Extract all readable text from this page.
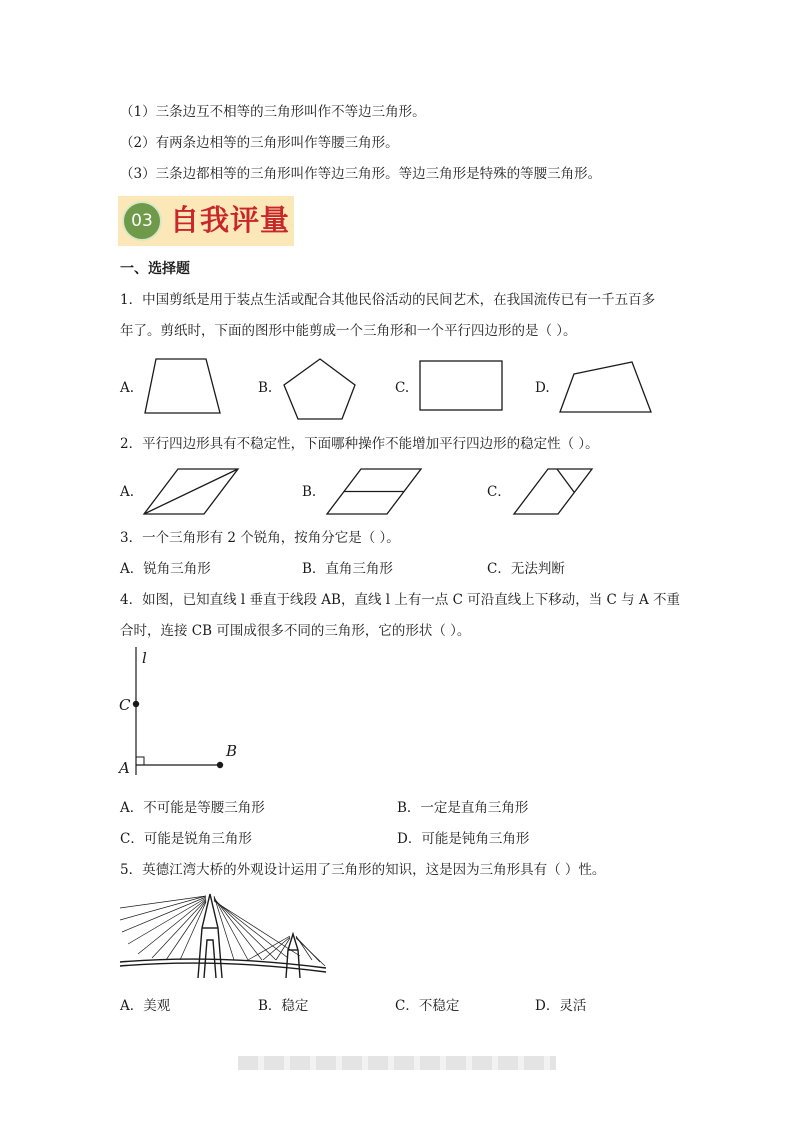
（1）三条边互不相等的三角形叫作不等边三角形。
（2）有两条边相等的三角形叫作等腰三角形。
（3）三条边都相等的三角形叫作等边三角形。等边三角形是特殊的等腰三角形。
03 自我评量
一、选择题
1．中国剪纸是用于装点生活或配合其他民俗活动的民间艺术，在我国流传已有一千五百多
年了。剪纸时，下面的图形中能剪成一个三角形和一个平行四边形的是（ ）。
A.	B.	C.	D.
2．平行四边形具有不稳定性，下面哪种操作不能增加平行四边形的稳定性（ ）。
A.	B.	C．
3．一个三角形有 2 个锐角，按角分它是（ ）。
A．锐角三角形	B．直角三角形	C．无法判断
4．如图，已知直线 l 垂直于线段 AB，直线 l 上有一点 C 可沿直线上下移动，当 C 与 A 不重
合时，连接 CB 可围成很多不同的三角形，它的形状（ ）。
l
C
A
B
A．不可能是等腰三角形	B．一定是直角三角形
C．可能是锐角三角形	D．可能是钝角三角形
5．英德江湾大桥的外观设计运用了三角形的知识，这是因为三角形具有（ ）性。
A．美观	B．稳定	C．不稳定	D．灵活
